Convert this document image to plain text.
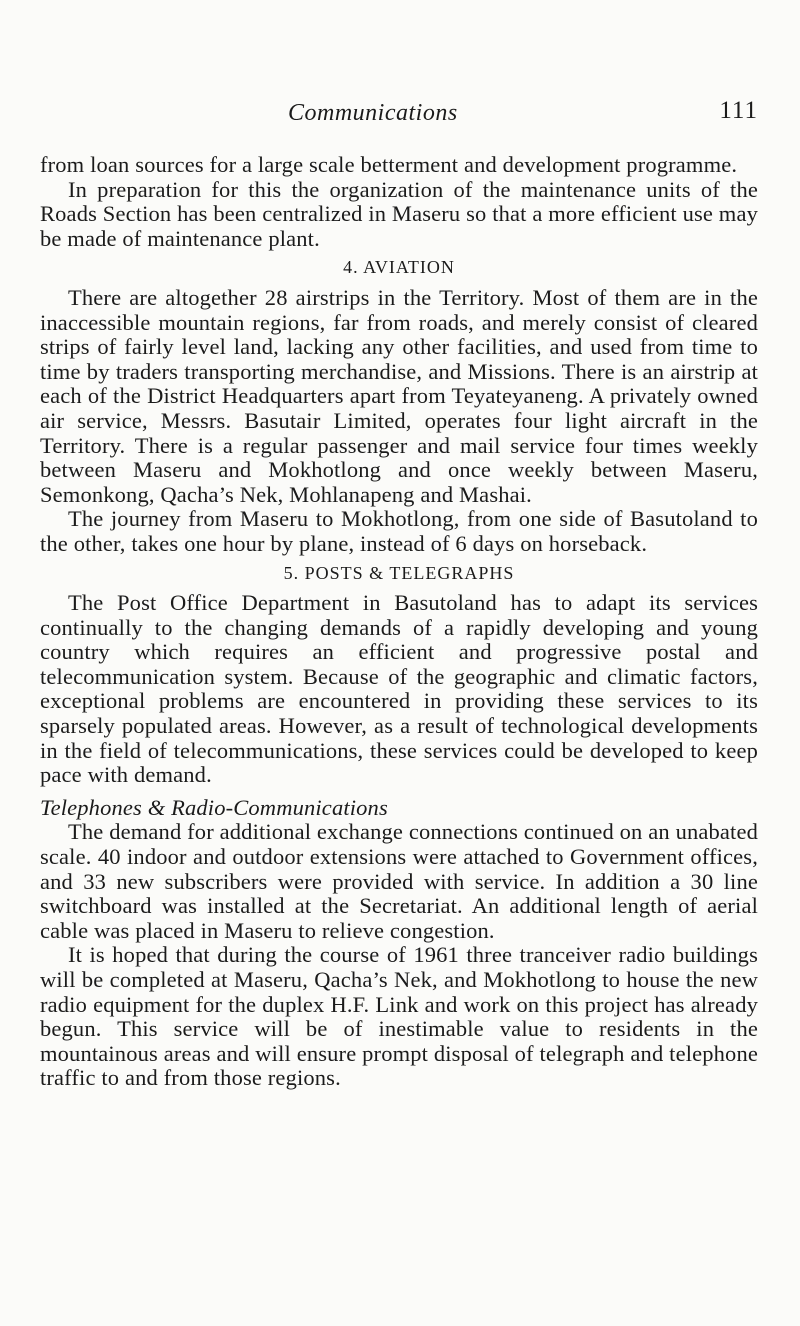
Communications	111

from loan sources for a large scale betterment and development programme.

In preparation for this the organization of the maintenance units of the Roads Section has been centralized in Maseru so that a more efficient use may be made of maintenance plant.

4. AVIATION

There are altogether 28 airstrips in the Territory. Most of them are in the inaccessible mountain regions, far from roads, and merely consist of cleared strips of fairly level land, lacking any other facilities, and used from time to time by traders transporting merchandise, and Missions. There is an airstrip at each of the District Headquarters apart from Teyateyaneng. A privately owned air service, Messrs. Basutair Limited, operates four light aircraft in the Territory. There is a regular passenger and mail service four times weekly between Maseru and Mokhotlong and once weekly between Maseru, Semonkong, Qacha’s Nek, Mohlanapeng and Mashai.

The journey from Maseru to Mokhotlong, from one side of Basutoland to the other, takes one hour by plane, instead of 6 days on horseback.

5. POSTS & TELEGRAPHS

The Post Office Department in Basutoland has to adapt its services continually to the changing demands of a rapidly developing and young country which requires an efficient and progressive postal and telecommunication system. Because of the geographic and climatic factors, exceptional problems are encountered in providing these services to its sparsely populated areas. However, as a result of technological developments in the field of telecommunications, these services could be developed to keep pace with demand.

Telephones & Radio-Communications

The demand for additional exchange connections continued on an unabated scale. 40 indoor and outdoor extensions were attached to Government offices, and 33 new subscribers were provided with service. In addition a 30 line switchboard was installed at the Secretariat. An additional length of aerial cable was placed in Maseru to relieve congestion.

It is hoped that during the course of 1961 three tranceiver radio buildings will be completed at Maseru, Qacha’s Nek, and Mokhotlong to house the new radio equipment for the duplex H.F. Link and work on this project has already begun. This service will be of inestimable value to residents in the mountainous areas and will ensure prompt disposal of telegraph and telephone traffic to and from those regions.
